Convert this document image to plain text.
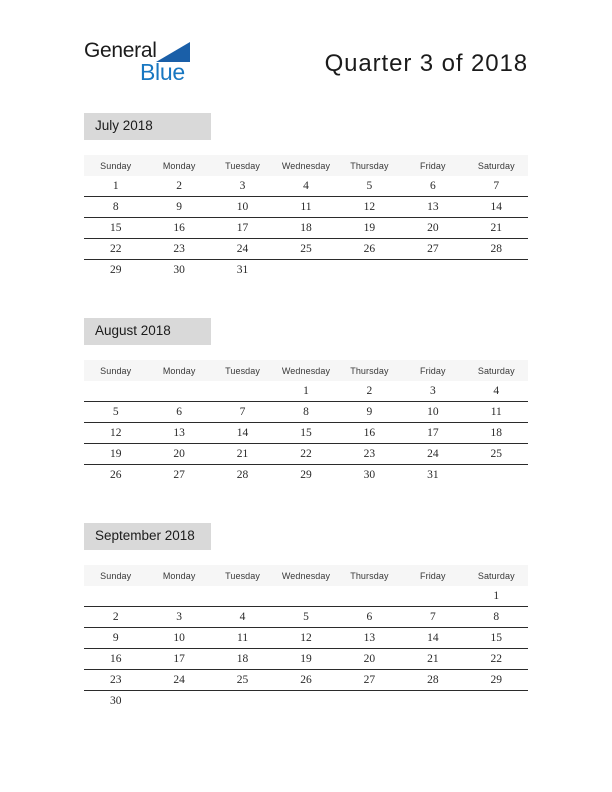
General
Blue	Quarter 3 of 2018
July 2018
Sunday	Monday	Tuesday	Wednesday	Thursday	Friday	Saturday
1	2	3	4	5	6	7
8	9	10	11	12	13	14
15	16	17	18	19	20	21
22	23	24	25	26	27	28
29	30	31				
August 2018
Sunday	Monday	Tuesday	Wednesday	Thursday	Friday	Saturday
			1	2	3	4
5	6	7	8	9	10	11
12	13	14	15	16	17	18
19	20	21	22	23	24	25
26	27	28	29	30	31	
September 2018
Sunday	Monday	Tuesday	Wednesday	Thursday	Friday	Saturday
						1
2	3	4	5	6	7	8
9	10	11	12	13	14	15
16	17	18	19	20	21	22
23	24	25	26	27	28	29
30						
